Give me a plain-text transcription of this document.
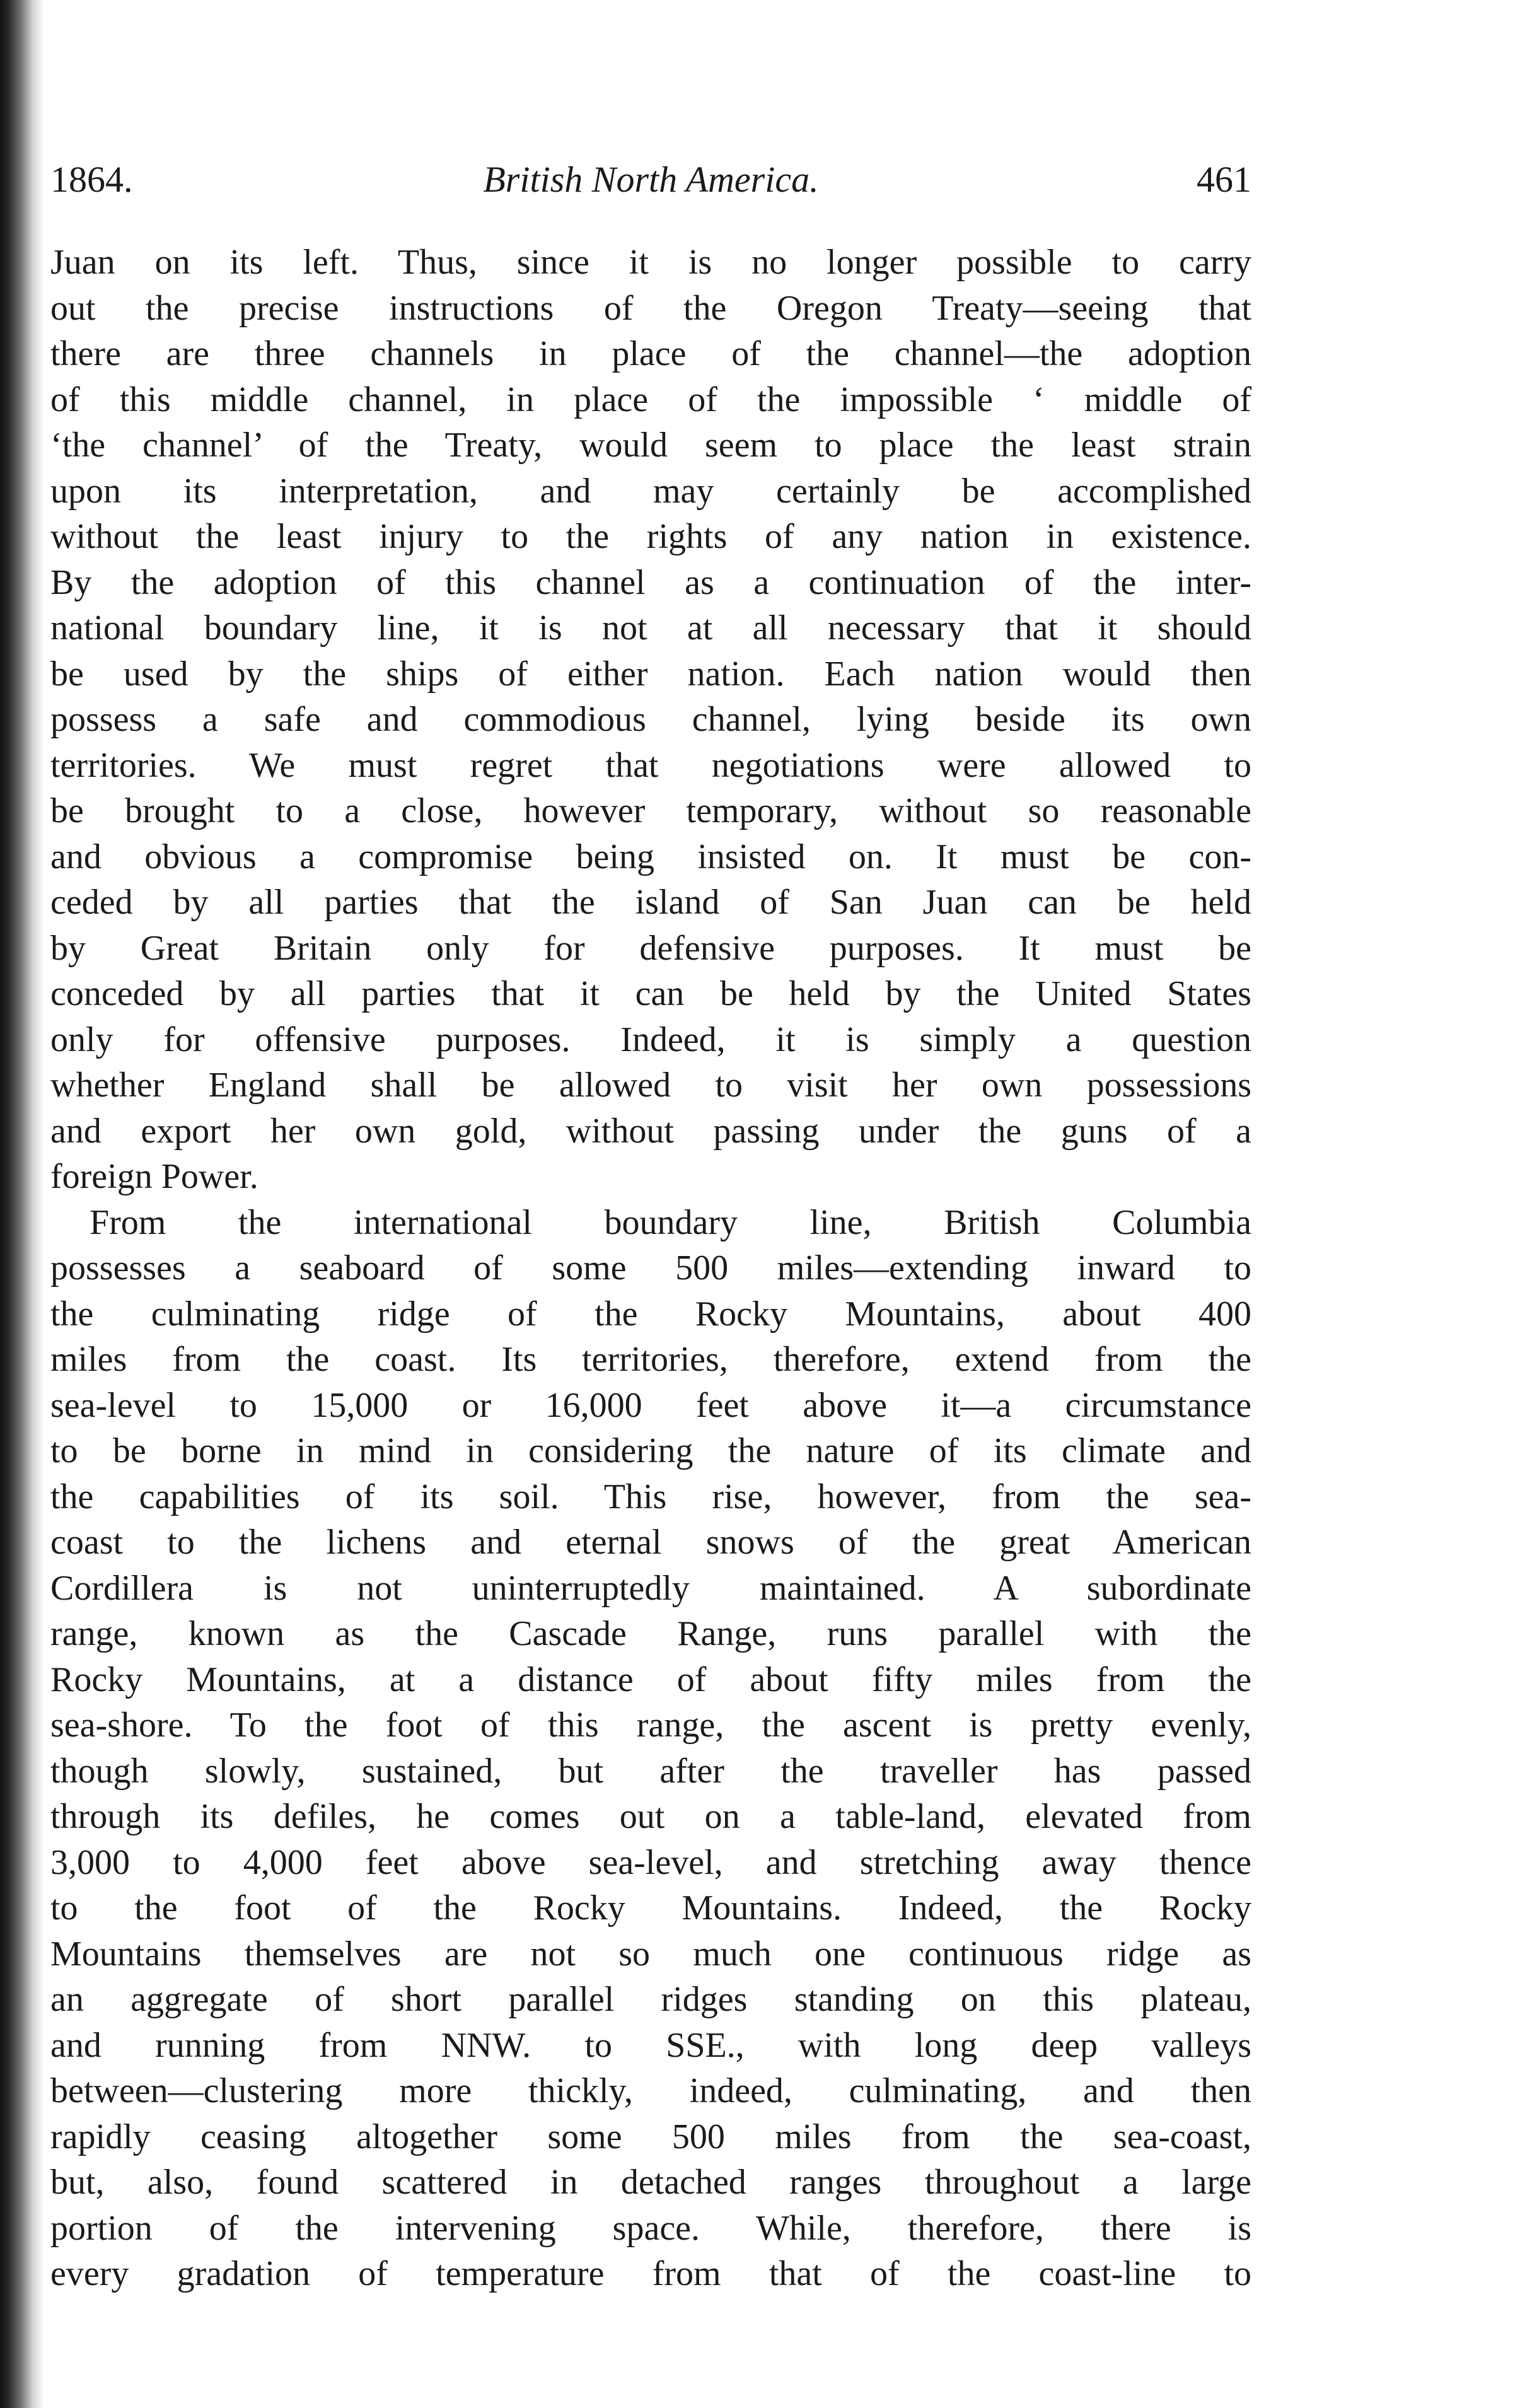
1864.	British North America.	461
Juan on its left. Thus, since it is no longer possible to carry
out the precise instructions of the Oregon Treaty—seeing that
there are three channels in place of the channel—the adoption
of this middle channel, in place of the impossible ‘ middle of
‘the channel’ of the Treaty, would seem to place the least strain
upon its interpretation, and may certainly be accomplished
without the least injury to the rights of any nation in existence.
By the adoption of this channel as a continuation of the inter-
national boundary line, it is not at all necessary that it should
be used by the ships of either nation. Each nation would then
possess a safe and commodious channel, lying beside its own
territories. We must regret that negotiations were allowed to
be brought to a close, however temporary, without so reasonable
and obvious a compromise being insisted on. It must be con-
ceded by all parties that the island of San Juan can be held
by Great Britain only for defensive purposes. It must be
conceded by all parties that it can be held by the United States
only for offensive purposes. Indeed, it is simply a question
whether England shall be allowed to visit her own possessions
and export her own gold, without passing under the guns of a
foreign Power.
From the international boundary line, British Columbia
possesses a seaboard of some 500 miles—extending inward to
the culminating ridge of the Rocky Mountains, about 400
miles from the coast. Its territories, therefore, extend from the
sea-level to 15,000 or 16,000 feet above it—a circumstance
to be borne in mind in considering the nature of its climate and
the capabilities of its soil. This rise, however, from the sea-
coast to the lichens and eternal snows of the great American
Cordillera is not uninterruptedly maintained. A subordinate
range, known as the Cascade Range, runs parallel with the
Rocky Mountains, at a distance of about fifty miles from the
sea-shore. To the foot of this range, the ascent is pretty evenly,
though slowly, sustained, but after the traveller has passed
through its defiles, he comes out on a table-land, elevated from
3,000 to 4,000 feet above sea-level, and stretching away thence
to the foot of the Rocky Mountains. Indeed, the Rocky
Mountains themselves are not so much one continuous ridge as
an aggregate of short parallel ridges standing on this plateau,
and running from NNW. to SSE., with long deep valleys
between—clustering more thickly, indeed, culminating, and then
rapidly ceasing altogether some 500 miles from the sea-coast,
but, also, found scattered in detached ranges throughout a large
portion of the intervening space. While, therefore, there is
every gradation of temperature from that of the coast-line to
